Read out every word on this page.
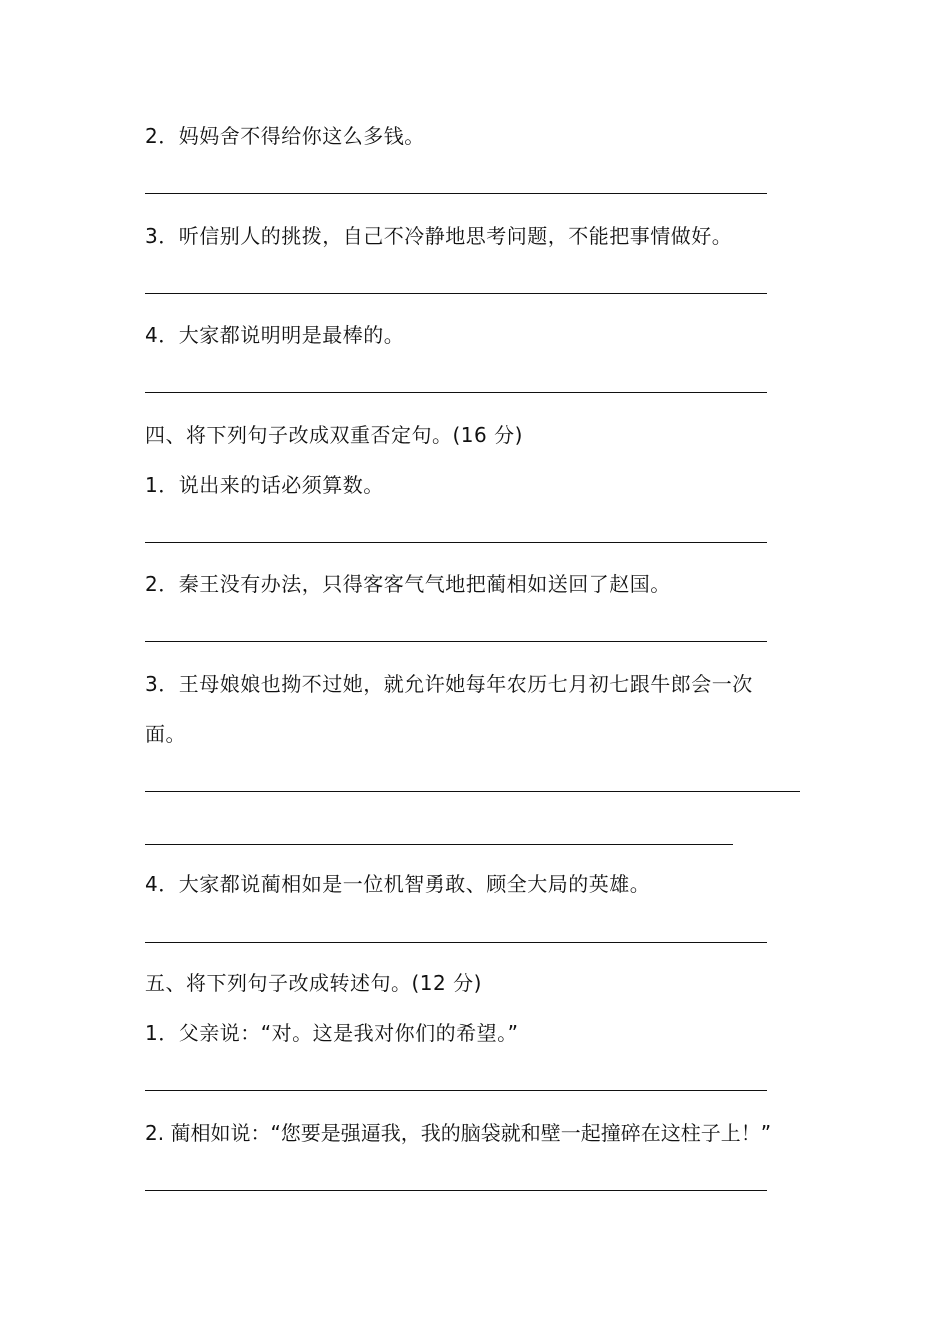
2．妈妈舍不得给你这么多钱。
3．听信别人的挑拨，自己不冷静地思考问题，不能把事情做好。
4．大家都说明明是最棒的。
四、将下列句子改成双重否定句。(16 分)
1．说出来的话必须算数。
2．秦王没有办法，只得客客气气地把蔺相如送回了赵国。
3．王母娘娘也拗不过她，就允许她每年农历七月初七跟牛郎会一次
面。
4．大家都说蔺相如是一位机智勇敢、顾全大局的英雄。
五、将下列句子改成转述句。(12 分)
1．父亲说：“对。这是我对你们的希望。”
2. 蔺相如说：“您要是强逼我，我的脑袋就和壁一起撞碎在这柱子上！”
